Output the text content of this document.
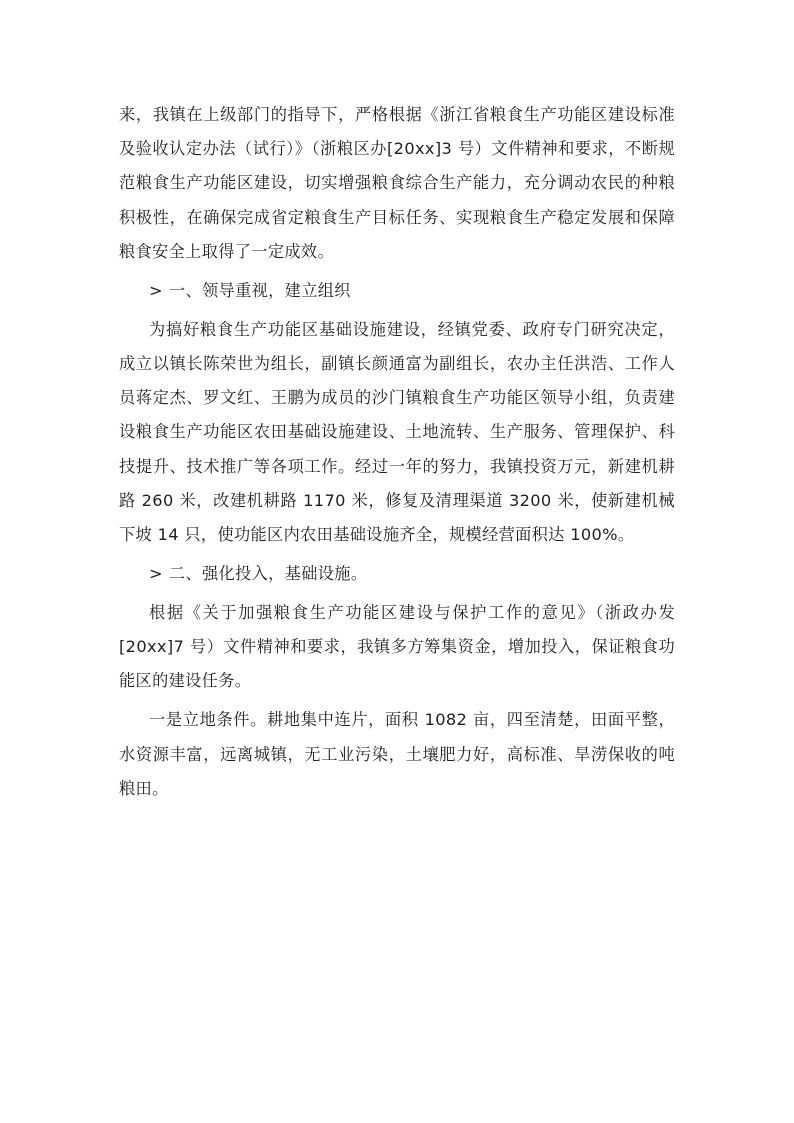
来，我镇在上级部门的指导下，严格根据《浙江省粮食生产功能区建设标准及验收认定办法（试行）》（浙粮区办[20xx]3 号）文件精神和要求，不断规范粮食生产功能区建设，切实增强粮食综合生产能力，充分调动农民的种粮积极性，在确保完成省定粮食生产目标任务、实现粮食生产稳定发展和保障粮食安全上取得了一定成效。

> 一、领导重视，建立组织

为搞好粮食生产功能区基础设施建设，经镇党委、政府专门研究决定，成立以镇长陈荣世为组长，副镇长颜通富为副组长，农办主任洪浩、工作人员蒋定杰、罗文红、王鹏为成员的沙门镇粮食生产功能区领导小组，负责建设粮食生产功能区农田基础设施建设、土地流转、生产服务、管理保护、科技提升、技术推广等各项工作。经过一年的努力，我镇投资万元，新建机耕路 260 米，改建机耕路 1170 米，修复及清理渠道 3200 米，使新建机械下坡 14 只，使功能区内农田基础设施齐全，规模经营面积达 100%。

> 二、强化投入，基础设施。

根据《关于加强粮食生产功能区建设与保护工作的意见》（浙政办发[20xx]7 号）文件精神和要求，我镇多方筹集资金，增加投入，保证粮食功能区的建设任务。

一是立地条件。耕地集中连片，面积 1082 亩，四至清楚，田面平整，水资源丰富，远离城镇，无工业污染，土壤肥力好，高标准、旱涝保收的吨粮田。
